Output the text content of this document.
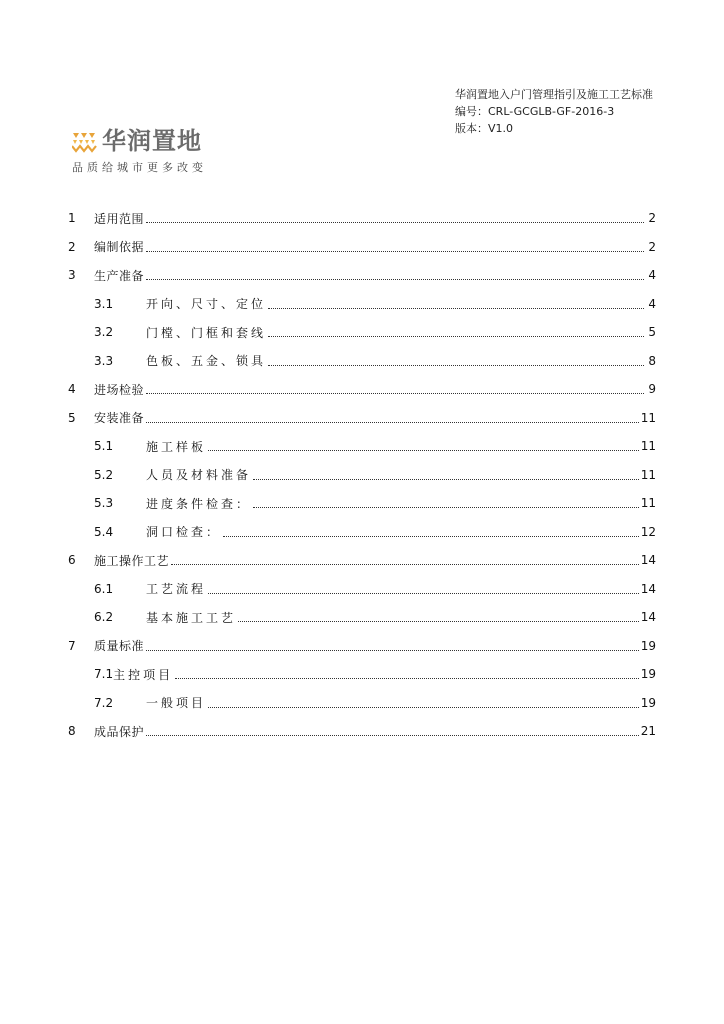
华润置地入户门管理指引及施工工艺标准
编号：CRL-GCGLB-GF-2016-3
版本：V1.0
华润置地
品质给城市更多改变
1	适用范围	2
2	编制依据	2
3	生产准备	4
3.1	开向、尺寸、定位	4
3.2	门樘、门框和套线	5
3.3	色板、五金、锁具	8
4	进场检验	9
5	安装准备	11
5.1	施工样板	11
5.2	人员及材料准备	11
5.3	进度条件检查：	11
5.4	洞口检查：	12
6	施工操作工艺	14
6.1	工艺流程	14
6.2	基本施工工艺	14
7	质量标准	19
7.1 主控项目	19
7.2	一般项目	19
8	成品保护	21
